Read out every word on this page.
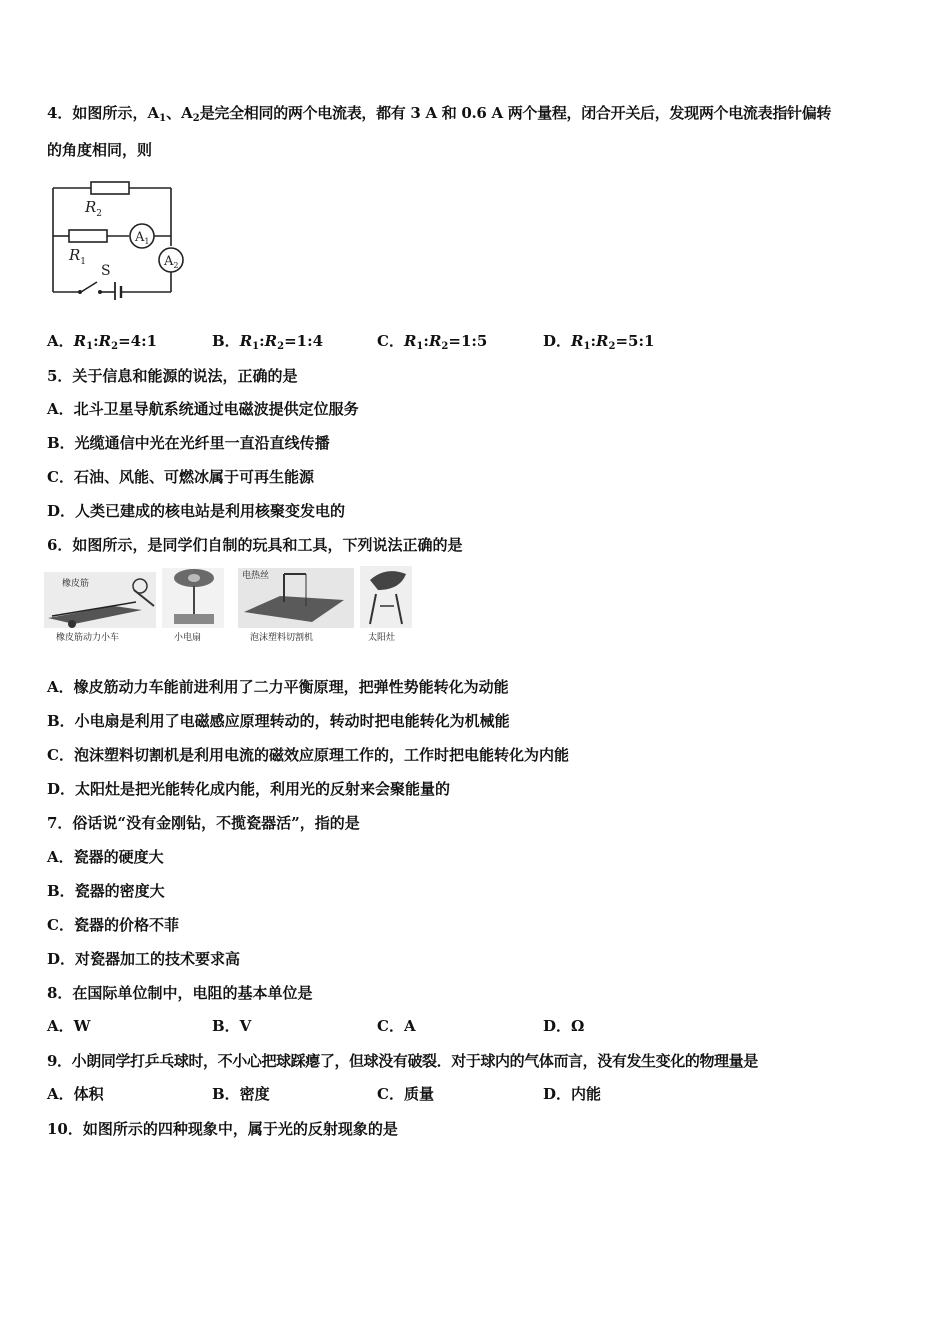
4．如图所示，$A_1$、$A_2$是完全相同的两个电流表，都有 3 A 和 0.6 A 两个量程，闭合开关后，发现两个电流表指针偏转
的角度相同，则
$R_2$
$R_1$
$A_1$
$A_2$
S
A．$R_1:R_2=4:1$	B．$R_1:R_2=1:4$	C．$R_1:R_2=1:5$	D．$R_1:R_2=5:1$
5．关于信息和能源的说法，正确的是
A．北斗卫星导航系统通过电磁波提供定位服务
B．光缆通信中光在光纤里一直沿直线传播
C．石油、风能、可燃冰属于可再生能源
D．人类已建成的核电站是利用核聚变发电的
6．如图所示，是同学们自制的玩具和工具，下列说法正确的是
橡皮筋
橡皮筋动力小车	小电扇
电热丝
泡沫塑料切割机	太阳灶
A．橡皮筋动力车能前进利用了二力平衡原理，把弹性势能转化为动能
B．小电扇是利用了电磁感应原理转动的，转动时把电能转化为机械能
C．泡沫塑料切割机是利用电流的磁效应原理工作的，工作时把电能转化为内能
D．太阳灶是把光能转化成内能，利用光的反射来会聚能量的
7．俗话说“没有金刚钻，不揽瓷器活”，指的是
A．瓷器的硬度大
B．瓷器的密度大
C．瓷器的价格不菲
D．对瓷器加工的技术要求高
8．在国际单位制中，电阻的基本单位是
A．W	B．V	C．A	D．Ω
9．小朗同学打乒乓球时，不小心把球踩瘪了，但球没有破裂．对于球内的气体而言，没有发生变化的物理量是
A．体积	B．密度	C．质量	D．内能
10．如图所示的四种现象中，属于光的反射现象的是
